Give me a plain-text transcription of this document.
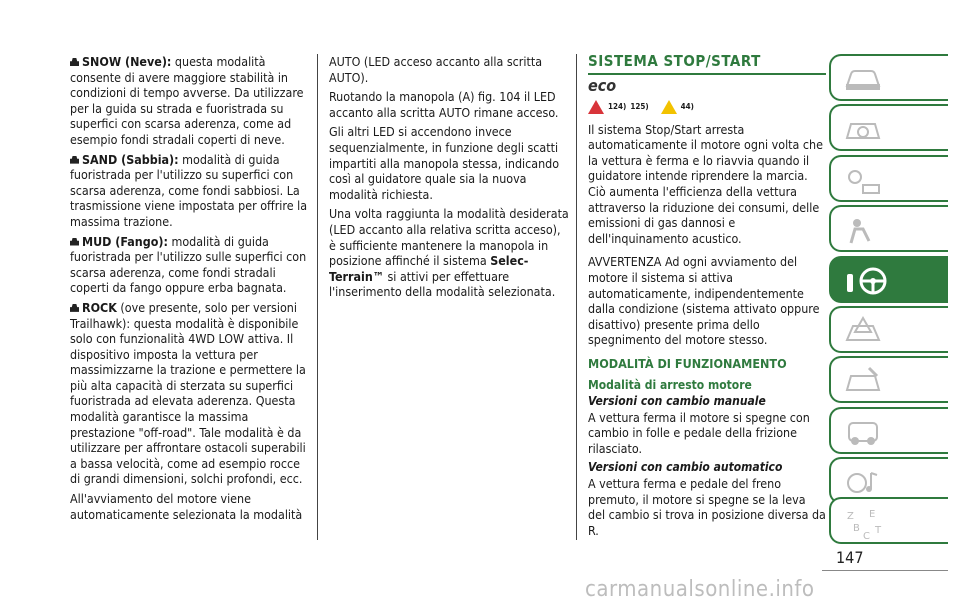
SNOW (Neve): questa modalità consente di avere maggiore stabilità in condizioni di tempo avverse. Da utilizzare per la guida su strada e fuoristrada su superfici con scarsa aderenza, come ad esempio fondi stradali coperti di neve.

SAND (Sabbia): modalità di guida fuoristrada per l'utilizzo su superfici con scarsa aderenza, come fondi sabbiosi. La trasmissione viene impostata per offrire la massima trazione.

MUD (Fango): modalità di guida fuoristrada per l'utilizzo sulle superfici con scarsa aderenza, come fondi stradali coperti da fango oppure erba bagnata.

ROCK (ove presente, solo per versioni Trailhawk): questa modalità è disponibile solo con funzionalità 4WD LOW attiva. Il dispositivo imposta la vettura per massimizzarne la trazione e permettere la più alta capacità di sterzata su superfici fuoristrada ad elevata aderenza. Questa modalità garantisce la massima prestazione "off-road". Tale modalità è da utilizzare per affrontare ostacoli superabili a bassa velocità, come ad esempio rocce di grandi dimensioni, solchi profondi, ecc.

All'avviamento del motore viene automaticamente selezionata la modalità

AUTO (LED acceso accanto alla scritta AUTO).

Ruotando la manopola (A) fig. 104 il LED accanto alla scritta AUTO rimane acceso.

Gli altri LED si accendono invece sequenzialmente, in funzione degli scatti impartiti alla manopola stessa, indicando così al guidatore quale sia la nuova modalità richiesta.

Una volta raggiunta la modalità desiderata (LED accanto alla relativa scritta acceso), è sufficiente mantenere la manopola in posizione affinché il sistema Selec-Terrain™ si attivi per effettuare l'inserimento della modalità selezionata.

SISTEMA STOP/START
eco
124) 125)	44)

Il sistema Stop/Start arresta automaticamente il motore ogni volta che la vettura è ferma e lo riavvia quando il guidatore intende riprendere la marcia. Ciò aumenta l'efficienza della vettura attraverso la riduzione dei consumi, delle emissioni di gas dannosi e dell'inquinamento acustico.

AVVERTENZA Ad ogni avviamento del motore il sistema si attiva automaticamente, indipendentemente dalla condizione (sistema attivato oppure disattivo) presente prima dello spegnimento del motore stesso.

MODALITÀ DI FUNZIONAMENTO
Modalità di arresto motore
Versioni con cambio manuale

A vettura ferma il motore si spegne con cambio in folle e pedale della frizione rilasciato.

Versioni con cambio automatico

A vettura ferma e pedale del freno premuto, il motore si spegne se la leva del cambio si trova in posizione diversa da R.

Z E
B
C
T
147
carmanualsonline.info
